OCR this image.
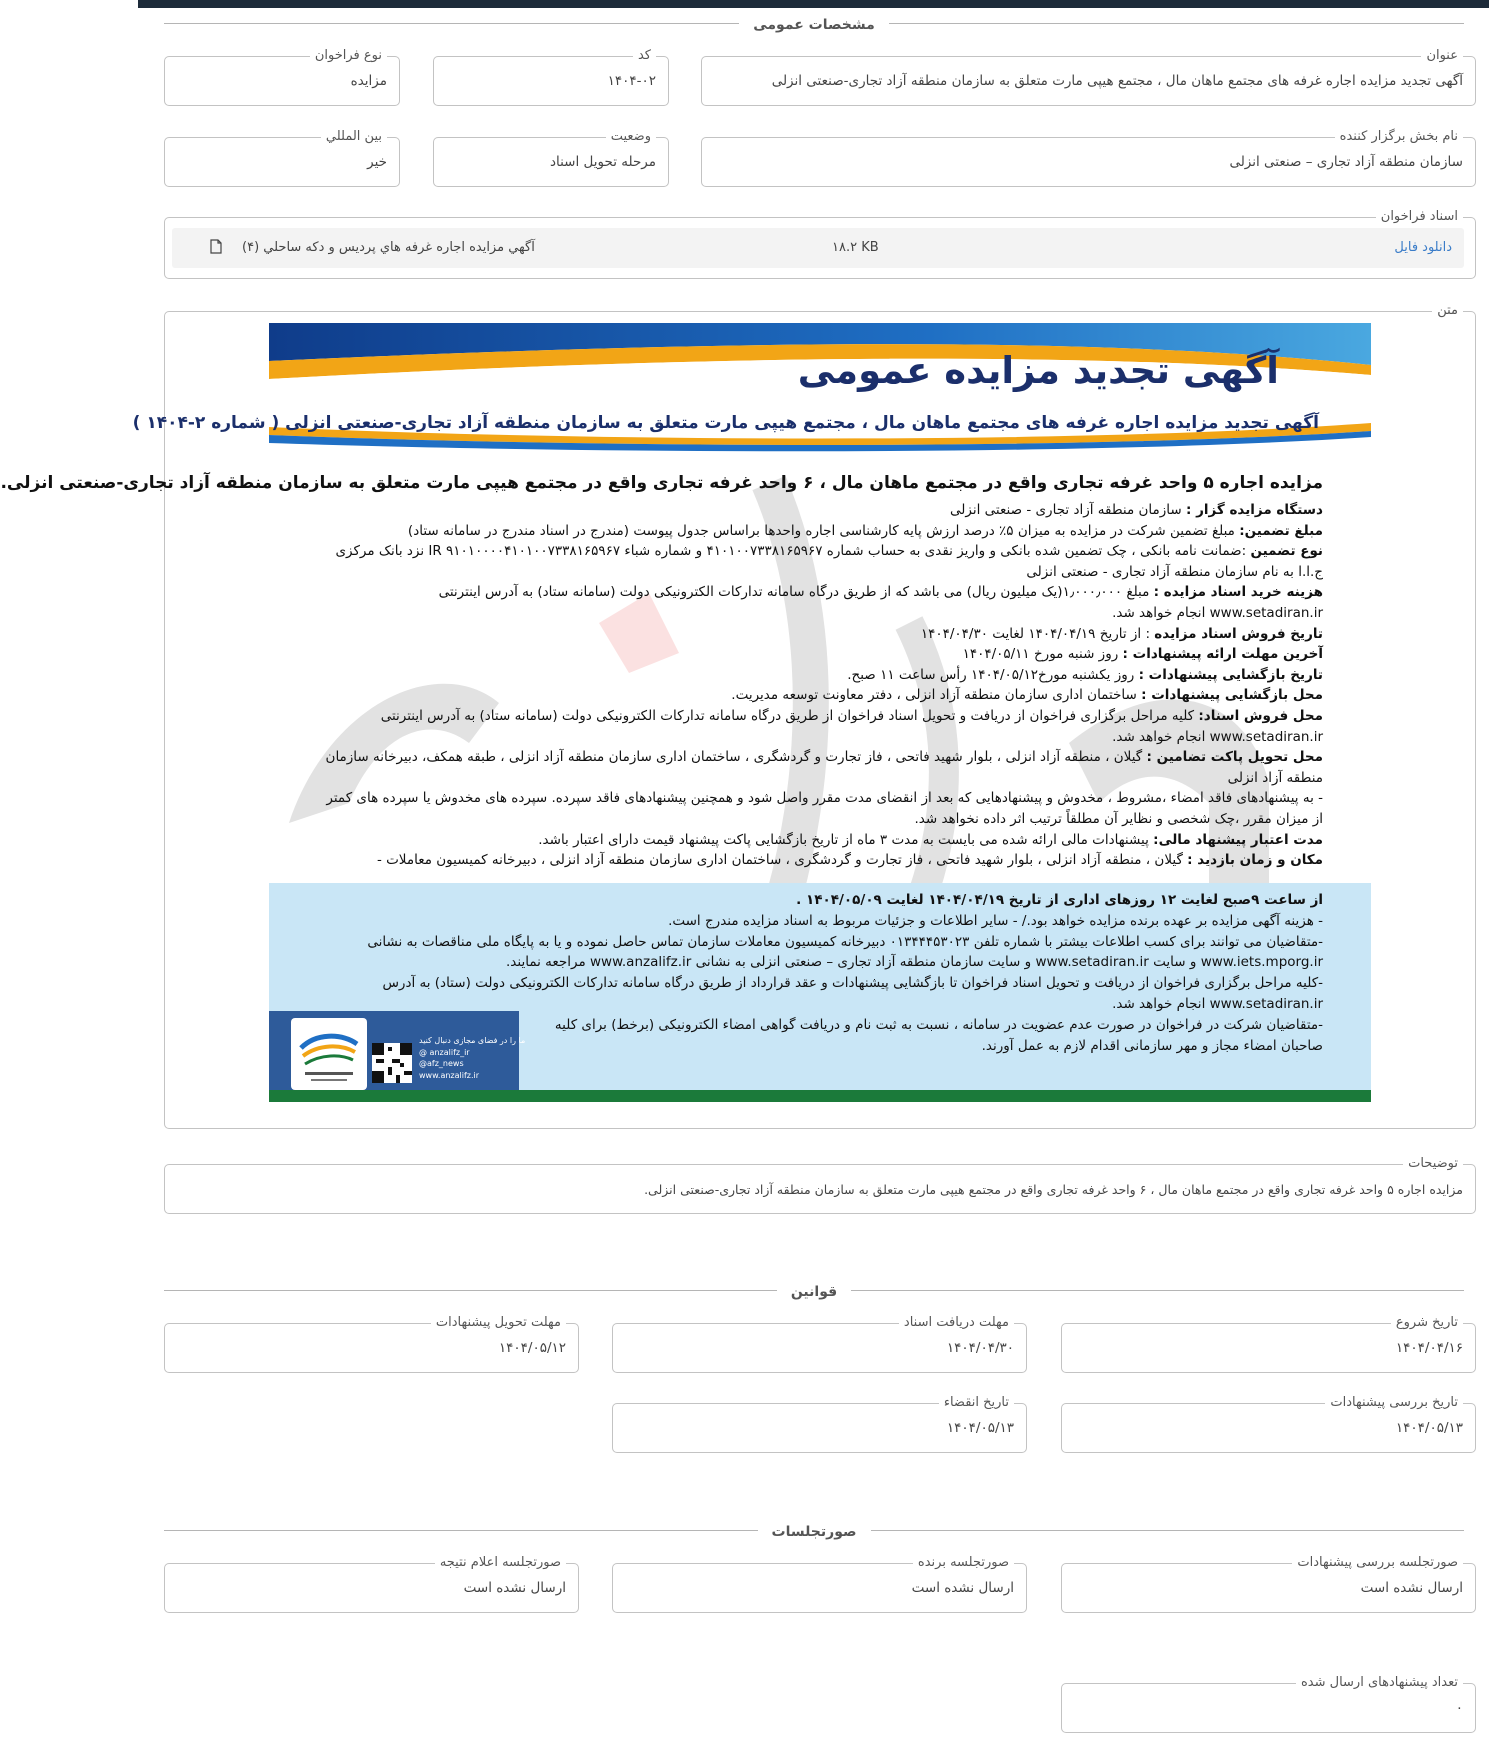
مشخصات عمومی
عنوان
آگهی تجدید مزایده اجاره غرفه های مجتمع ماهان مال ، مجتمع هیپی مارت متعلق به سازمان منطقه آزاد تجاری-صنعتی انزلی
کد
۱۴۰۴-۰۲
نوع فراخوان
مزایده
نام بخش برگزار کننده
سازمان منطقه آزاد تجاری – صنعتی انزلی
وضعیت
مرحله تحویل اسناد
بين المللي
خير
اسناد فراخوان
دانلود فایل
۱۸.۲ KB
آگهي مزايده اجاره غرفه هاي پرديس و دكه ساحلي (۴)
متن
آگهی تجدید مزایده عمومی
آگهی تجدید مزایده اجاره غرفه های مجتمع ماهان مال ، مجتمع هیپی مارت متعلق به سازمان منطقه آزاد تجاری-صنعتی انزلی ( شماره ۲-۱۴۰۴ )
مزایده اجاره ۵ واحد غرفه تجاری واقع در مجتمع ماهان مال ، ۶ واحد غرفه تجاری واقع در مجتمع هیپی مارت متعلق به سازمان منطقه آزاد تجاری-صنعتی انزلی.

دستگاه مزایده گزار : سازمان منطقه آزاد تجاری - صنعتی انزلی

مبلغ تضمین: مبلغ تضمین شرکت در مزایده به میزان ۵٪ درصد ارزش پایه کارشناسی اجاره واحدها براساس جدول پیوست (مندرج در اسناد مندرج در سامانه ستاد)

نوع تضمین :ضمانت نامه بانکی ، چک تضمین شده بانکی و واریز نقدی به حساب شماره ۴۱۰۱۰۰۷۳۳۸۱۶۵۹۶۷ و شماره شباء IR ۹۱۰۱۰۰۰۰۴۱۰۱۰۰۷۳۳۸۱۶۵۹۶۷ نزد بانک مرکزی ج.ا.ا به نام سازمان منطقه آزاد تجاری - صنعتی انزلی

هزینه خرید اسناد مزایده : مبلغ ۱٫۰۰۰٫۰۰۰(یک میلیون ریال) می باشد که از طریق درگاه سامانه تدارکات الکترونیکی دولت (سامانه ستاد) به آدرس اینترنتی www.setadiran.ir انجام خواهد شد.

تاریخ فروش اسناد مزایده : از تاریخ ۱۴۰۴/۰۴/۱۹ لغایت ۱۴۰۴/۰۴/۳۰

آخرین مهلت ارائه پیشنهادات : روز شنبه مورخ ۱۴۰۴/۰۵/۱۱

تاریخ بازگشایی پیشنهادات : روز یکشنبه مورخ۱۴۰۴/۰۵/۱۲ رأس ساعت ۱۱ صبح.

محل بازگشایی پیشنهادات : ساختمان اداری سازمان منطقه آزاد انزلی ، دفتر معاونت توسعه مدیریت.

محل فروش اسناد: کلیه مراحل برگزاری فراخوان از دریافت و تحویل اسناد فراخوان از طریق درگاه سامانه تدارکات الکترونیکی دولت (سامانه ستاد) به آدرس اینترنتی www.setadiran.ir انجام خواهد شد.

محل تحویل پاکت تضامین : گیلان ، منطقه آزاد انزلی ، بلوار شهید فاتحی ، فاز تجارت و گردشگری ، ساختمان اداری سازمان منطقه آزاد انزلی ، طبقه همکف، دبیرخانه سازمان منطقه آزاد انزلی

- به پیشنهادهای فاقد امضاء ،مشروط ، مخدوش و پیشنهادهایی که بعد از انقضای مدت مقرر واصل شود و همچنین پیشنهادهای فاقد سپرده. سپرده های مخدوش یا سپرده های کمتر از میزان مقرر ،چک شخصی و نظایر آن مطلقاً ترتیب اثر داده نخواهد شد.

مدت اعتبار پیشنهاد مالی: پیشنهادات مالی ارائه شده می بایست به مدت ۳ ماه از تاریخ بازگشایی پاکت پیشنهاد قیمت دارای اعتبار باشد.

مکان و زمان بازدید : گیلان ، منطقه آزاد انزلی ، بلوار شهید فاتحی ، فاز تجارت و گردشگری ، ساختمان اداری سازمان منطقه آزاد انزلی ، دبیرخانه کمیسیون معاملات -

از ساعت ۹صبح لغایت ۱۲ روزهای اداری از تاریخ ۱۴۰۴/۰۴/۱۹ لغایت ۱۴۰۴/۰۵/۰۹ .

- هزینه آگهی مزایده بر عهده برنده مزایده خواهد بود./ - سایر اطلاعات و جزئیات مربوط به اسناد مزایده مندرج است.

-متقاضیان می توانند برای کسب اطلاعات بیشتر با شماره تلفن ۰۱۳۴۴۴۵۳۰۲۳ دبیرخانه کمیسیون معاملات سازمان تماس حاصل نموده و یا به پایگاه ملی مناقصات به نشانی www.iets.mporg.ir و سایت www.setadiran.ir و سایت سازمان منطقه آزاد تجاری – صنعتی انزلی به نشانی www.anzalifz.ir مراجعه نمایند.

-کلیه مراحل برگزاری فراخوان از دریافت و تحویل اسناد فراخوان تا بازگشایی پیشنهادات و عقد قرارداد از طریق درگاه سامانه تدارکات الکترونیکی دولت (ستاد) به آدرس www.setadiran.ir انجام خواهد شد.

-متقاضیان شرکت در فراخوان در صورت عدم عضویت در سامانه ، نسبت به ثبت نام و دریافت گواهی امضاء الکترونیکی (برخط) برای کلیه صاحبان امضاء مجاز و مهر سازمانی اقدام لازم به عمل آورند.

ما را در فضای مجازی دنبال کنید
@ anzalifz_ir
@afz_news
www.anzalifz.ir
توضیحات
مزایده اجاره ۵ واحد غرفه تجاری واقع در مجتمع ماهان مال ، ۶ واحد غرفه تجاری واقع در مجتمع هیپی مارت متعلق به سازمان منطقه آزاد تجاری-صنعتی انزلی.
قوانین
تاریخ شروع
۱۴۰۴/۰۴/۱۶
مهلت دریافت اسناد
۱۴۰۴/۰۴/۳۰
مهلت تحویل پیشنهادات
۱۴۰۴/۰۵/۱۲
تاریخ بررسی پیشنهادات
۱۴۰۴/۰۵/۱۳
تاریخ انقضاء
۱۴۰۴/۰۵/۱۳
صورتجلسات
صورتجلسه بررسی پیشنهادات
ارسال نشده است
صورتجلسه برنده
ارسال نشده است
صورتجلسه اعلام نتیجه
ارسال نشده است
تعداد پیشنهادهای ارسال شده
۰
